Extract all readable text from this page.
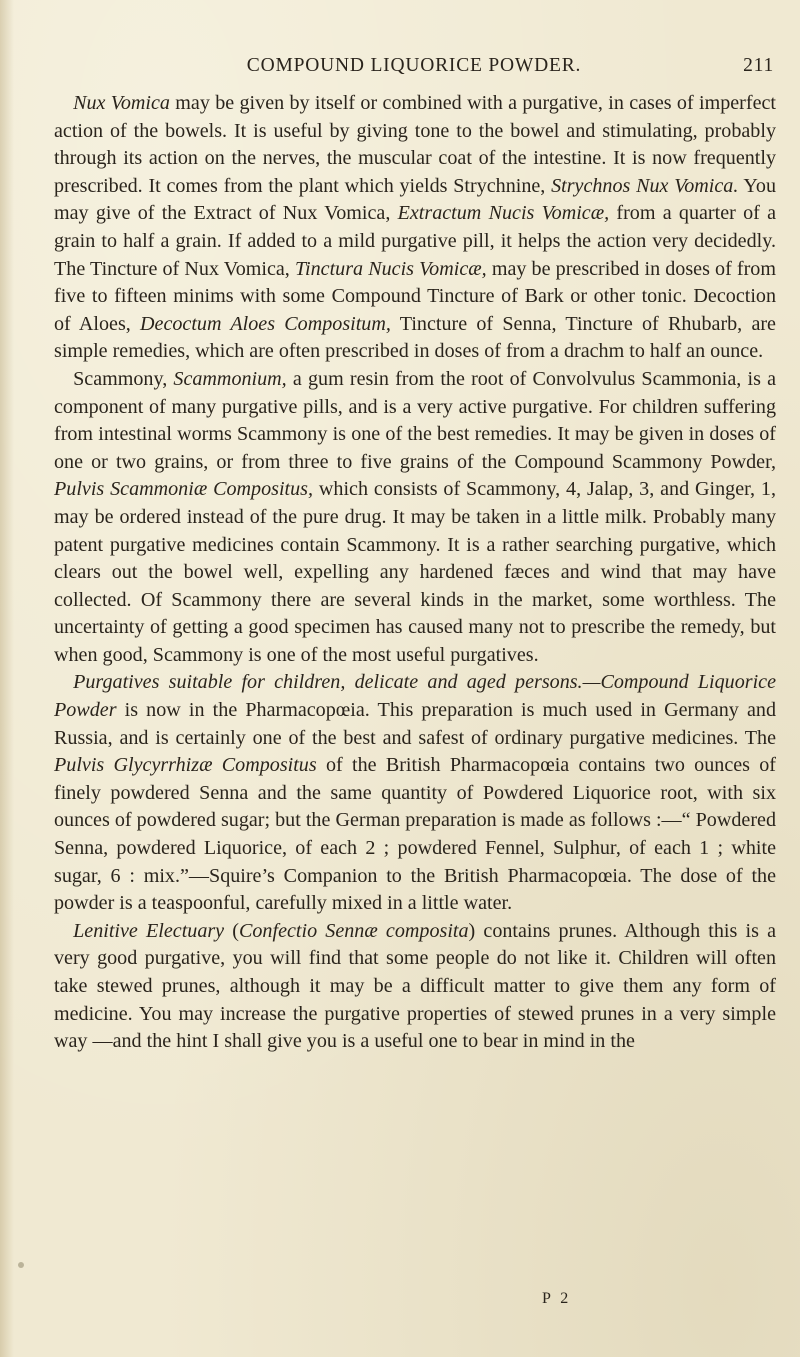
COMPOUND LIQUORICE POWDER.	211

Nux Vomica may be given by itself or combined with a purgative, in cases of imperfect action of the bowels. It is useful by giving tone to the bowel and stimulating, probably through its action on the nerves, the muscular coat of the intestine. It is now frequently prescribed. It comes from the plant which yields Strychnine, Strychnos Nux Vomica. You may give of the Extract of Nux Vomica, Extractum Nucis Vomicæ, from a quarter of a grain to half a grain. If added to a mild purgative pill, it helps the action very decidedly. The Tincture of Nux Vomica, Tinctura Nucis Vomicæ, may be prescribed in doses of from five to fifteen minims with some Compound Tincture of Bark or other tonic. Decoction of Aloes, Decoctum Aloes Compositum, Tincture of Senna, Tincture of Rhubarb, are simple remedies, which are often prescribed in doses of from a drachm to half an ounce.

Scammony, Scammonium, a gum resin from the root of Convolvulus Scammonia, is a component of many purgative pills, and is a very active purgative. For children suffering from intestinal worms Scammony is one of the best remedies. It may be given in doses of one or two grains, or from three to five grains of the Compound Scammony Powder, Pulvis Scammoniæ Compositus, which consists of Scammony, 4, Jalap, 3, and Ginger, 1, may be ordered instead of the pure drug. It may be taken in a little milk. Probably many patent purgative medicines contain Scammony. It is a rather searching purgative, which clears out the bowel well, expelling any hardened fæces and wind that may have collected. Of Scammony there are several kinds in the market, some worthless. The uncertainty of getting a good specimen has caused many not to prescribe the remedy, but when good, Scammony is one of the most useful purgatives.

Purgatives suitable for children, delicate and aged persons.—Compound Liquorice Powder is now in the Pharmacopœia. This preparation is much used in Germany and Russia, and is certainly one of the best and safest of ordinary purgative medicines. The Pulvis Glycyrrhizæ Compositus of the British Pharmacopœia contains two ounces of finely powdered Senna and the same quantity of Powdered Liquorice root, with six ounces of powdered sugar; but the German preparation is made as follows :—“ Powdered Senna, powdered Liquorice, of each 2 ; powdered Fennel, Sulphur, of each 1 ; white sugar, 6 : mix.”—Squire’s Companion to the British Pharmacopœia. The dose of the powder is a teaspoonful, carefully mixed in a little water.

Lenitive Electuary (Confectio Sennæ composita) contains prunes. Although this is a very good purgative, you will find that some people do not like it. Children will often take stewed prunes, although it may be a difficult matter to give them any form of medicine. You may increase the purgative properties of stewed prunes in a very simple way —and the hint I shall give you is a useful one to bear in mind in the

P 2
